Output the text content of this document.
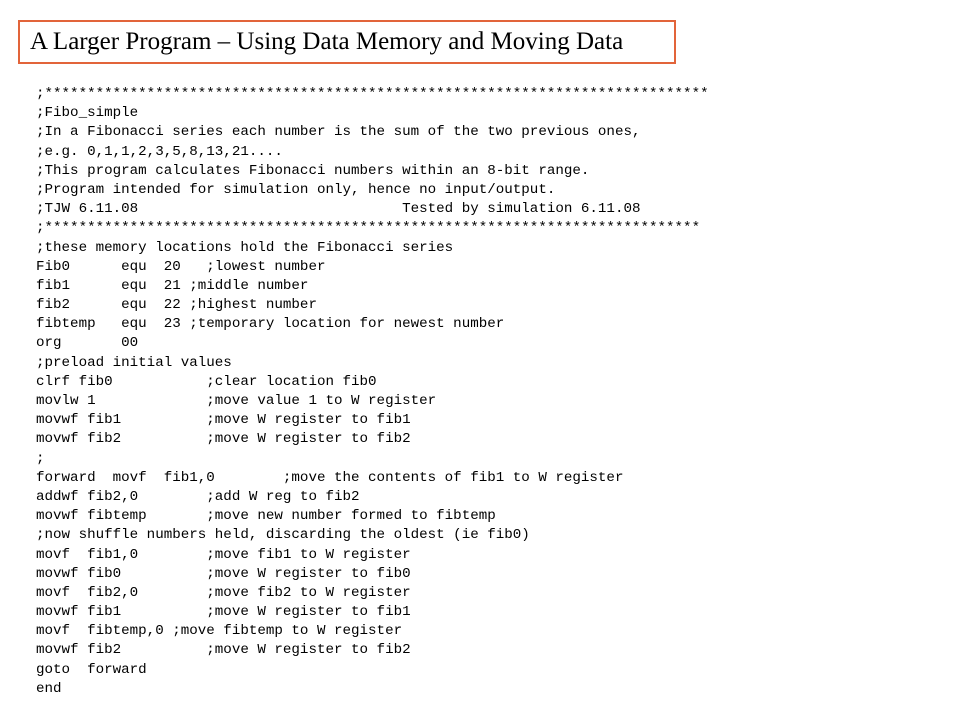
A Larger Program – Using Data Memory and Moving Data
;******************************************************************************
;Fibo_simple
;In a Fibonacci series each number is the sum of the two previous ones,
;e.g. 0,1,1,2,3,5,8,13,21....
;This program calculates Fibonacci numbers within an 8-bit range.
;Program intended for simulation only, hence no input/output.
;TJW 6.11.08                               Tested by simulation 6.11.08
;*****************************************************************************
;these memory locations hold the Fibonacci series
Fib0      equ  20   ;lowest number
fib1      equ  21 ;middle number
fib2      equ  22 ;highest number
fibtemp   equ  23 ;temporary location for newest number
org       00
;preload initial values
clrf fib0           ;clear location fib0
movlw 1             ;move value 1 to W register
movwf fib1          ;move W register to fib1
movwf fib2          ;move W register to fib2
;
forward  movf  fib1,0        ;move the contents of fib1 to W register
addwf fib2,0        ;add W reg to fib2
movwf fibtemp       ;move new number formed to fibtemp
;now shuffle numbers held, discarding the oldest (ie fib0)
movf  fib1,0        ;move fib1 to W register
movwf fib0          ;move W register to fib0
movf  fib2,0        ;move fib2 to W register
movwf fib1          ;move W register to fib1
movf  fibtemp,0 ;move fibtemp to W register
movwf fib2          ;move W register to fib2
goto  forward
end
